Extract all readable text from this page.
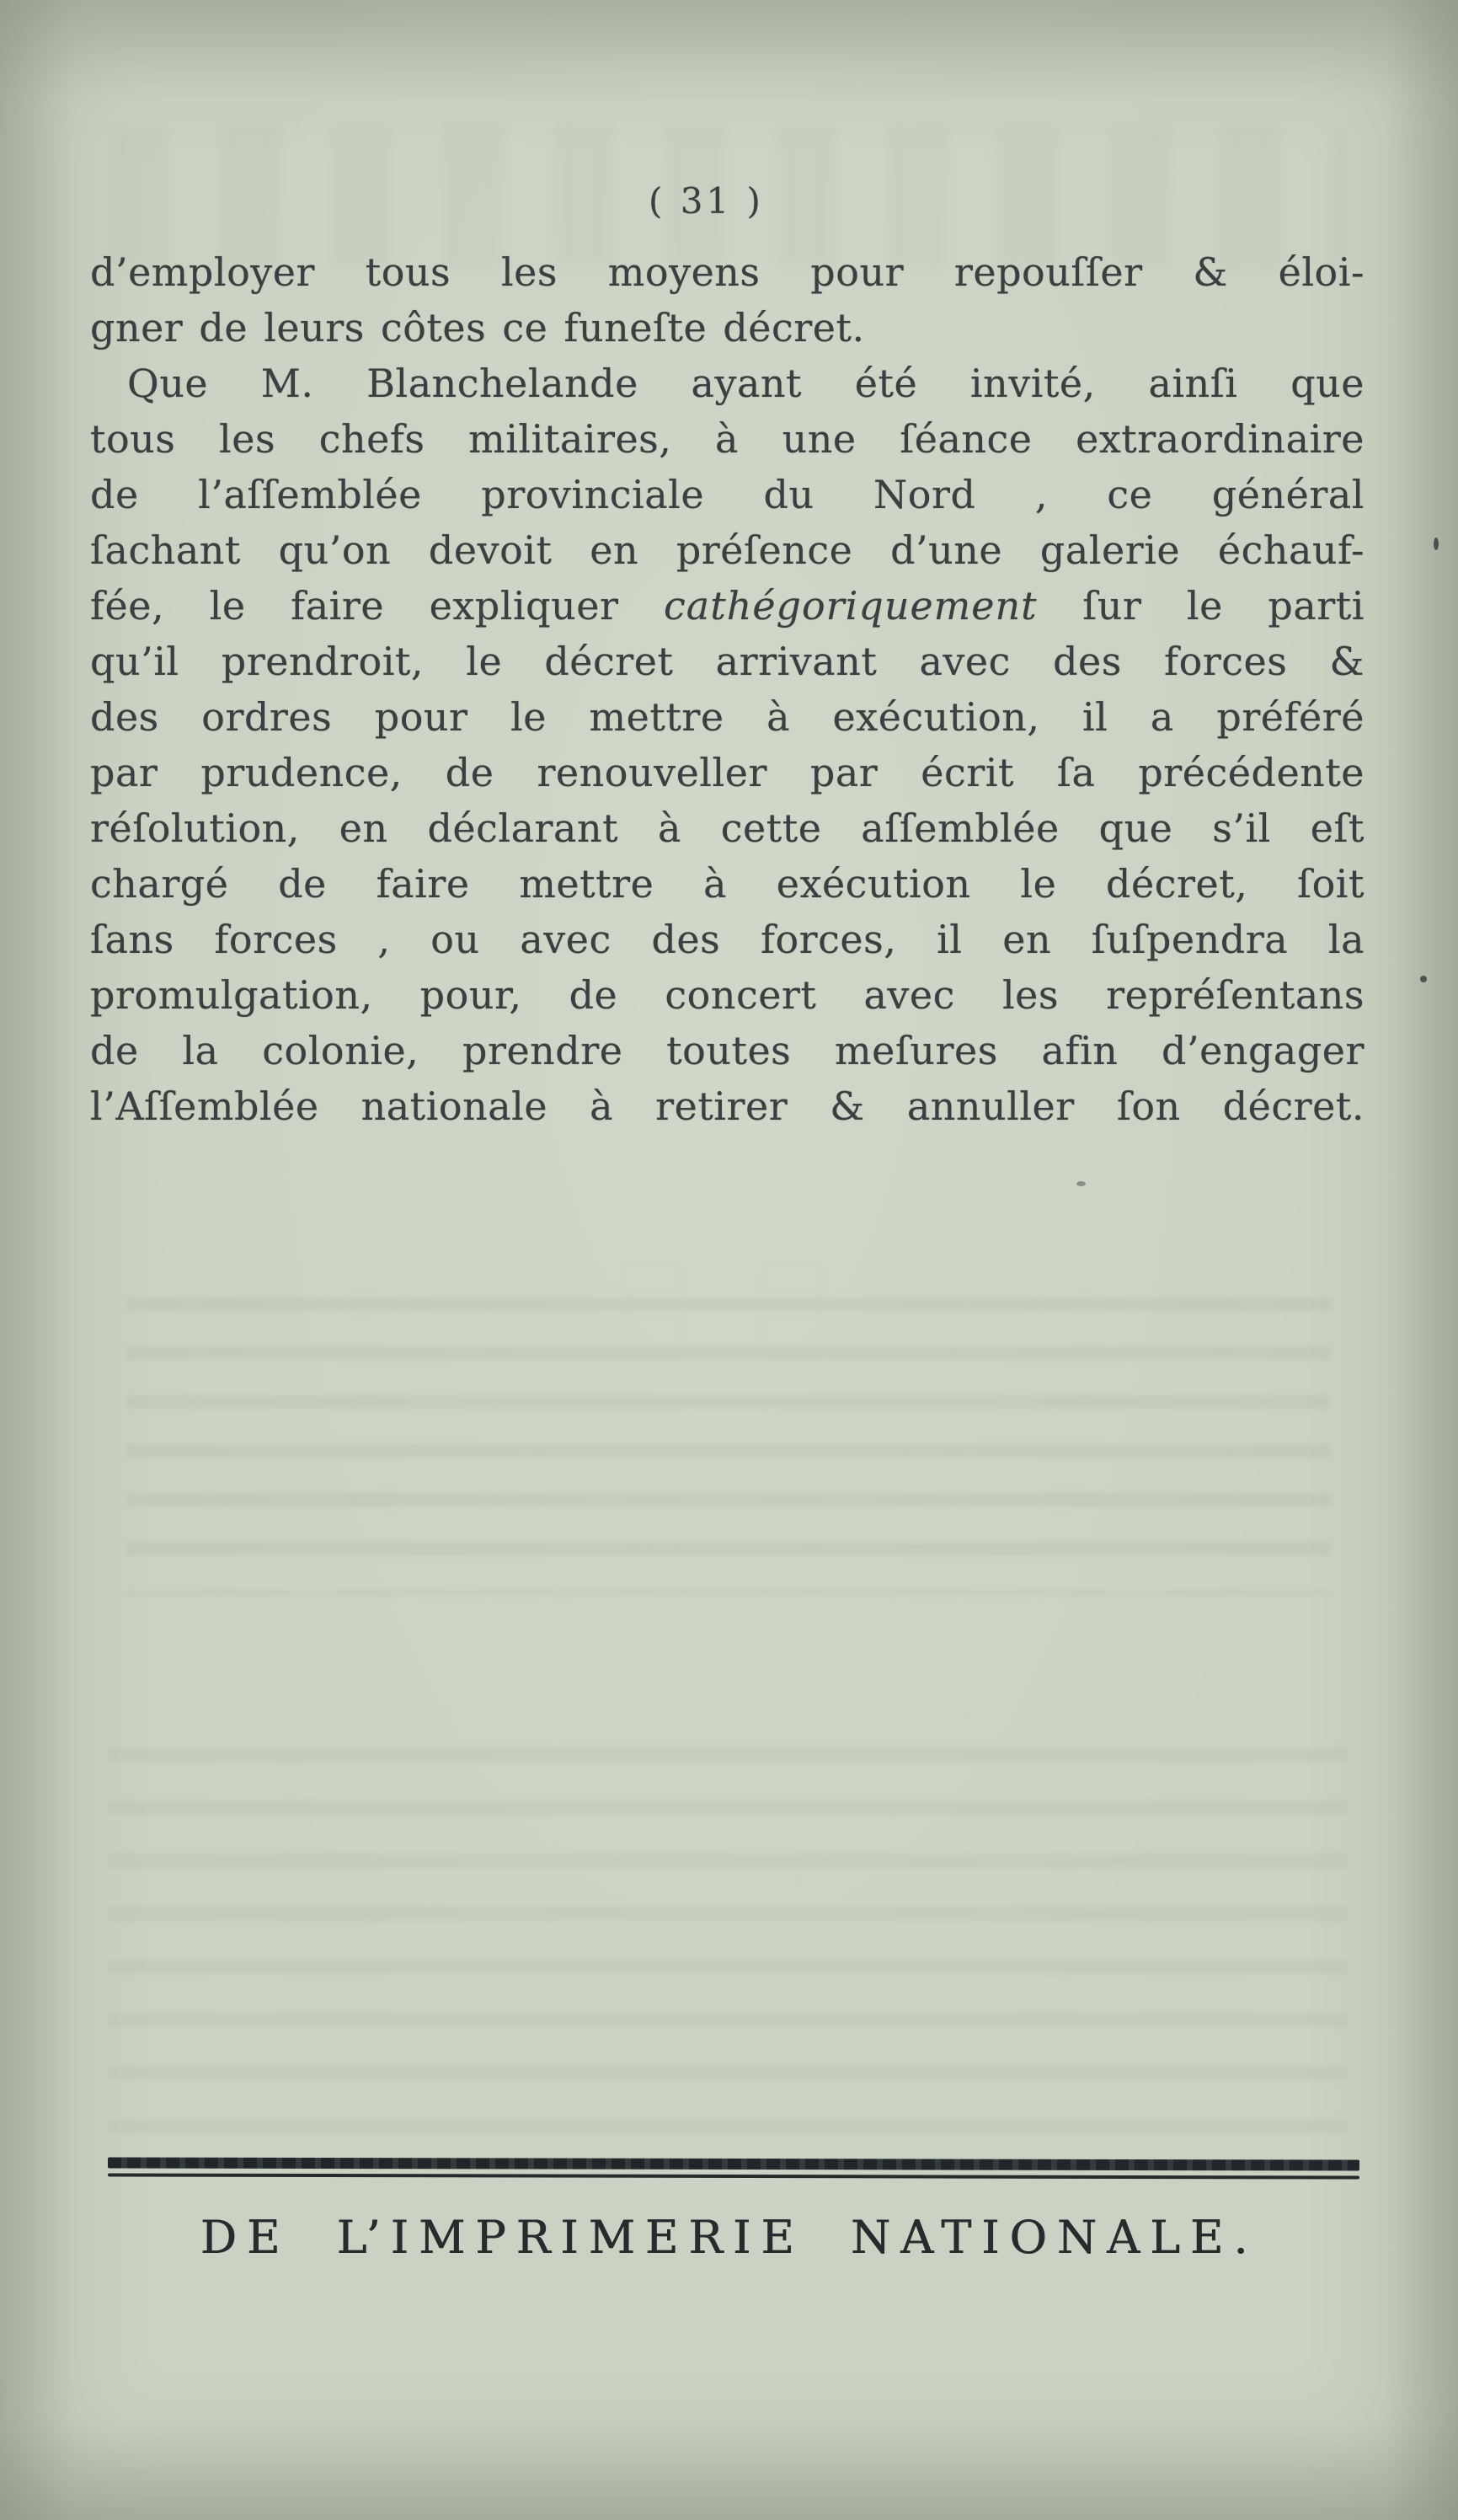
( 31 )
d’employer tous les moyens pour repouſſer & éloi-
gner de leurs côtes ce funeſte décret.
Que M. Blanchelande ayant été invité, ainſi que
tous les chefs militaires, à une ſéance extraordinaire
de l’aſſemblée provinciale du Nord , ce général
ſachant qu’on devoit en préſence d’une galerie échauf-
fée, le faire expliquer cathégoriquement ſur le parti
qu’il prendroit, le décret arrivant avec des forces &
des ordres pour le mettre à exécution, il a préféré
par prudence, de renouveller par écrit ſa précédente
réſolution, en déclarant à cette aſſemblée que s’il eſt
chargé de faire mettre à exécution le décret, ſoit
ſans forces , ou avec des forces, il en ſuſpendra la
promulgation, pour, de concert avec les repréſentans
de la colonie, prendre toutes meſures afin d’engager
l’Aſſemblée nationale à retirer & annuller ſon décret.
DE L’IMPRIMERIE NATIONALE.
